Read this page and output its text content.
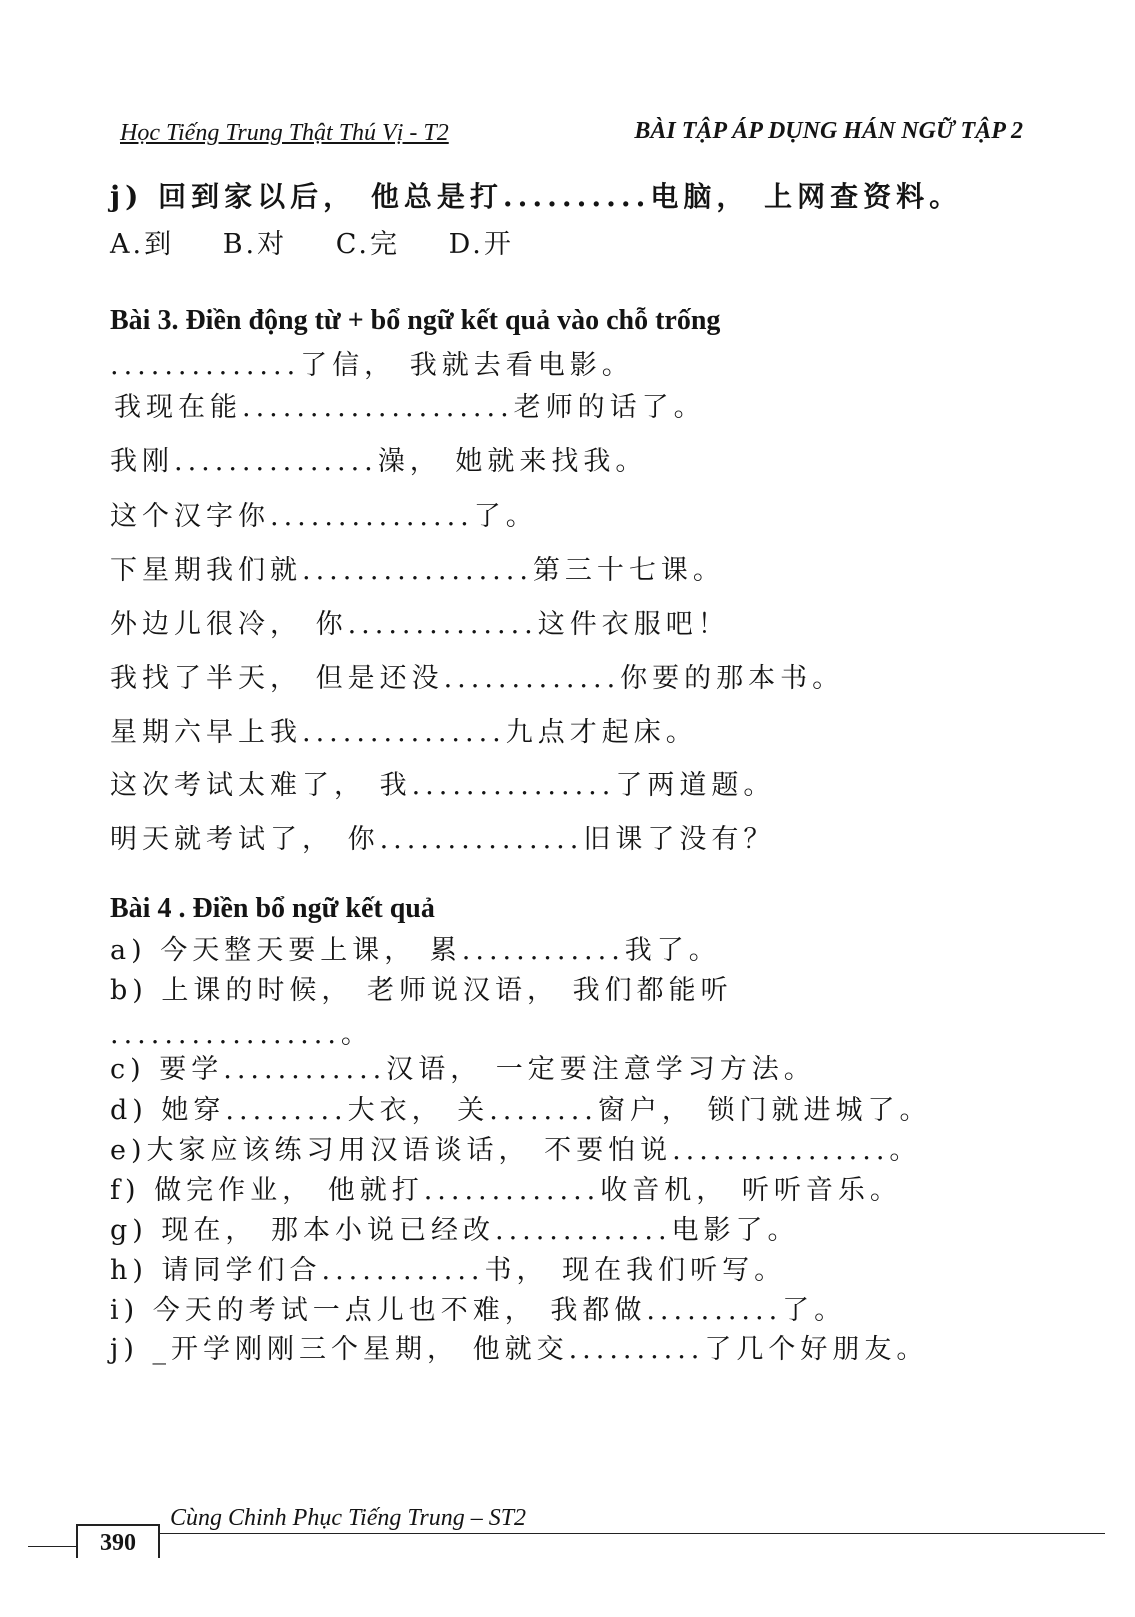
Học Tiếng Trung Thật Thú Vị - T2	BÀI TẬP ÁP DỤNG HÁN NGỮ TẬP 2
j) 回到家以后， 他总是打..........电脑， 上网查资料。
A.到 B.对 C.完 D.开
Bài 3. Điền động từ + bổ ngữ kết quả vào chỗ trống
..............了信， 我就去看电影。
我现在能....................老师的话了。
我刚...............澡， 她就来找我。
这个汉字你...............了。
下星期我们就.................第三十七课。
外边儿很冷， 你..............这件衣服吧！
我找了半天， 但是还没.............你要的那本书。
星期六早上我...............九点才起床。
这次考试太难了， 我...............了两道题。
明天就考试了， 你...............旧课了没有？
Bài 4 . Điền bổ ngữ kết quả
a) 今天整天要上课， 累............我了。
b) 上课的时候， 老师说汉语， 我们都能听
.................。
c) 要学............汉语， 一定要注意学习方法。
d) 她穿.........大衣， 关........窗户， 锁门就进城了。
e)大家应该练习用汉语谈话， 不要怕说................。
f) 做完作业， 他就打.............收音机， 听听音乐。
g) 现在， 那本小说已经改.............电影了。
h) 请同学们合............书， 现在我们听写。
i) 今天的考试一点儿也不难， 我都做..........了。
j) _开学刚刚三个星期， 他就交..........了几个好朋友。
Cùng Chinh Phục Tiếng Trung – ST2
390
